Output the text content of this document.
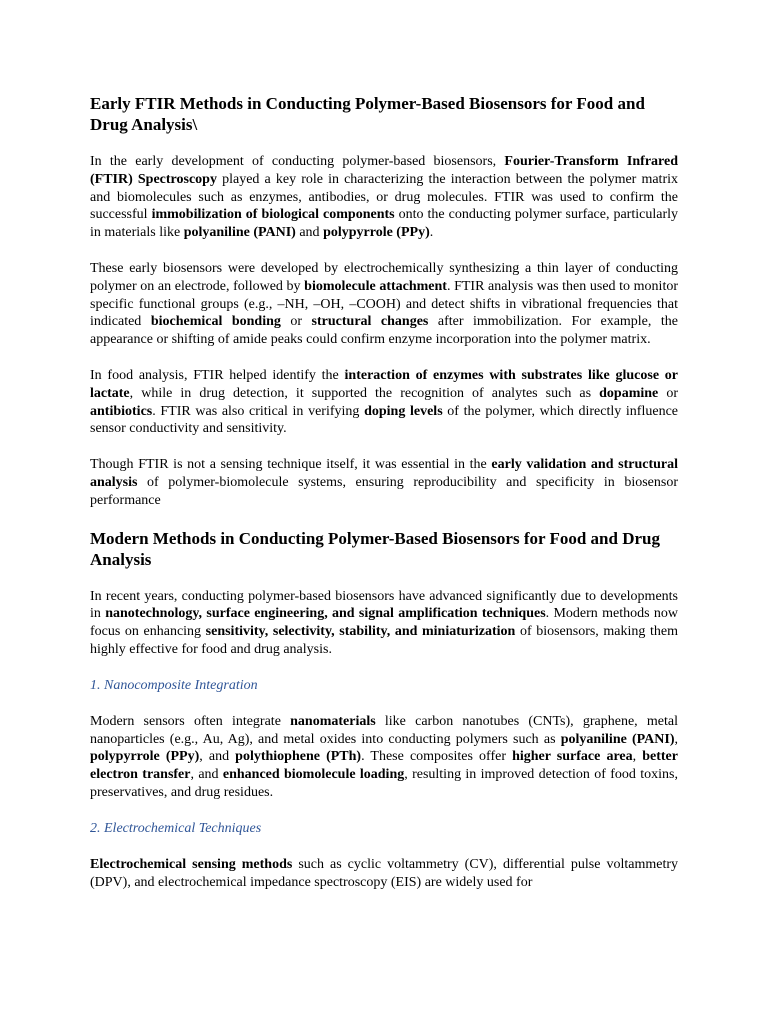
Early FTIR Methods in Conducting Polymer-Based Biosensors for Food and Drug Analysis\

In the early development of conducting polymer-based biosensors, Fourier-Transform Infrared (FTIR) Spectroscopy played a key role in characterizing the interaction between the polymer matrix and biomolecules such as enzymes, antibodies, or drug molecules. FTIR was used to confirm the successful immobilization of biological components onto the conducting polymer surface, particularly in materials like polyaniline (PANI) and polypyrrole (PPy).

These early biosensors were developed by electrochemically synthesizing a thin layer of conducting polymer on an electrode, followed by biomolecule attachment. FTIR analysis was then used to monitor specific functional groups (e.g., –NH, –OH, –COOH) and detect shifts in vibrational frequencies that indicated biochemical bonding or structural changes after immobilization. For example, the appearance or shifting of amide peaks could confirm enzyme incorporation into the polymer matrix.

In food analysis, FTIR helped identify the interaction of enzymes with substrates like glucose or lactate, while in drug detection, it supported the recognition of analytes such as dopamine or antibiotics. FTIR was also critical in verifying doping levels of the polymer, which directly influence sensor conductivity and sensitivity.

Though FTIR is not a sensing technique itself, it was essential in the early validation and structural analysis of polymer-biomolecule systems, ensuring reproducibility and specificity in biosensor performance

Modern Methods in Conducting Polymer-Based Biosensors for Food and Drug Analysis

In recent years, conducting polymer-based biosensors have advanced significantly due to developments in nanotechnology, surface engineering, and signal amplification techniques. Modern methods now focus on enhancing sensitivity, selectivity, stability, and miniaturization of biosensors, making them highly effective for food and drug analysis.

1. Nanocomposite Integration

Modern sensors often integrate nanomaterials like carbon nanotubes (CNTs), graphene, metal nanoparticles (e.g., Au, Ag), and metal oxides into conducting polymers such as polyaniline (PANI), polypyrrole (PPy), and polythiophene (PTh). These composites offer higher surface area, better electron transfer, and enhanced biomolecule loading, resulting in improved detection of food toxins, preservatives, and drug residues.

2. Electrochemical Techniques

Electrochemical sensing methods such as cyclic voltammetry (CV), differential pulse voltammetry (DPV), and electrochemical impedance spectroscopy (EIS) are widely used for
